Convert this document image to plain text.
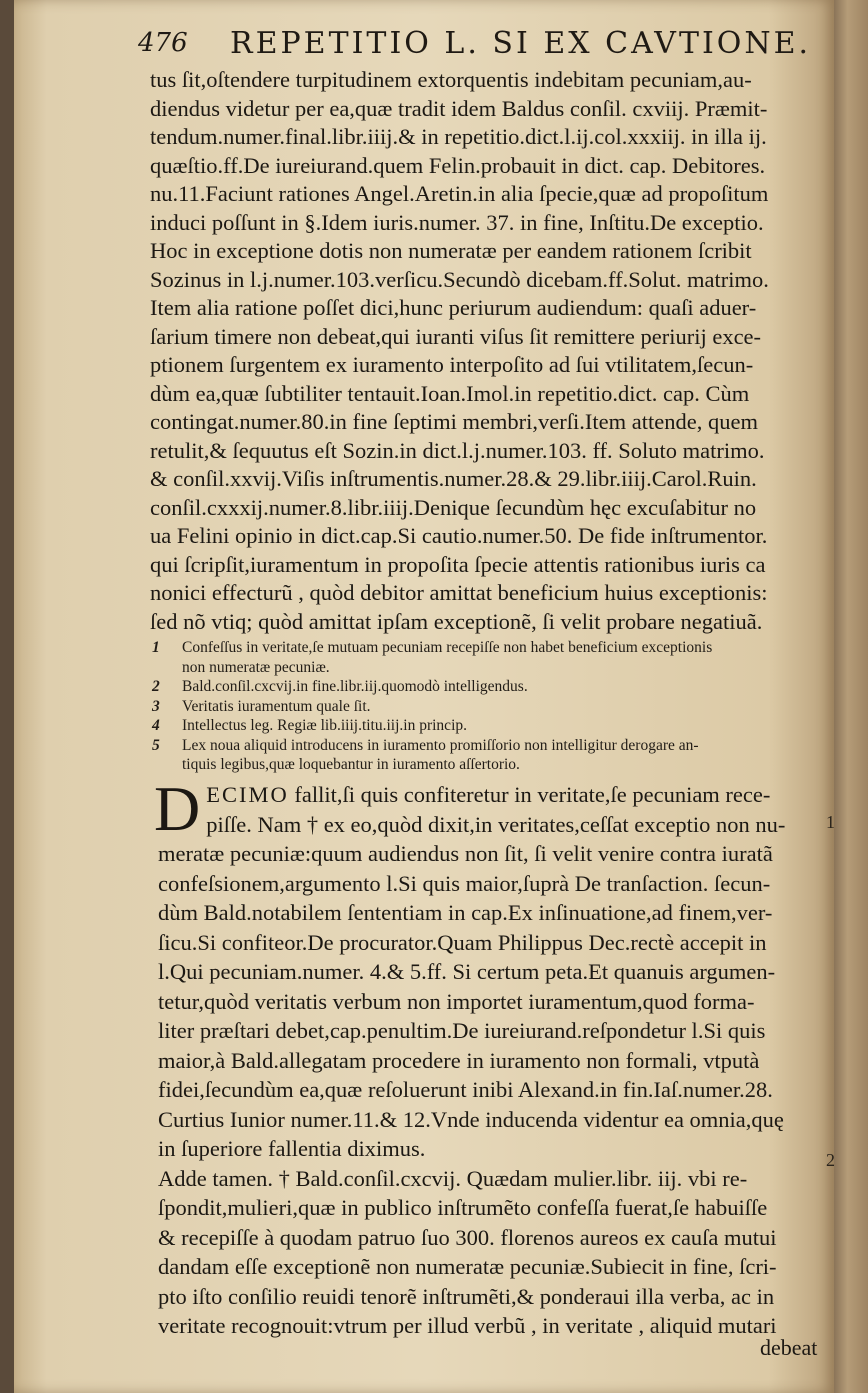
476 REPETITIO L. SI EX CAVTIONE.
tus ſit,oſtendere turpitudinem extorquentis indebitam pecuniam,au-
diendus videtur per ea,quæ tradit idem Baldus conſil. cxviij. Præmit-
tendum.numer.final.libr.iiij.& in repetitio.dict.l.ij.col.xxxiij. in illa ij.
quæſtio.ff.De iureiurand.quem Felin.probauit in dict. cap. Debitores.
nu.11.Faciunt rationes Angel.Aretin.in alia ſpecie,quæ ad propoſitum
induci poſſunt in §.Idem iuris.numer. 37. in fine, Inſtitu.De exceptio.
Hoc in exceptione dotis non numeratæ per eandem rationem ſcribit
Sozinus in l.j.numer.103.verſicu.Secundò dicebam.ff.Solut. matrimo.
Item alia ratione poſſet dici,hunc periurum audiendum: quaſi aduer-
ſarium timere non debeat,qui iuranti viſus ſit remittere periurij exce-
ptionem ſurgentem ex iuramento interpoſito ad ſui vtilitatem,ſecun-
dùm ea,quæ ſubtiliter tentauit.Ioan.Imol.in repetitio.dict. cap. Cùm
contingat.numer.80.in fine ſeptimi membri,verſi.Item attende, quem
retulit,& ſequutus eſt Sozin.in dict.l.j.numer.103. ff. Soluto matrimo.
& conſil.xxvij.Viſis inſtrumentis.numer.28.& 29.libr.iiij.Carol.Ruin.
conſil.cxxxij.numer.8.libr.iiij.Denique ſecundùm hęc excuſabitur no
ua Felini opinio in dict.cap.Si cautio.numer.50. De fide inſtrumentor.
qui ſcripſit,iuramentum in propoſita ſpecie attentis rationibus iuris ca
nonici effecturũ , quòd debitor amittat beneficium huius exceptionis:
ſed nõ vtiq; quòd amittat ipſam exceptionẽ, ſi velit probare negatiuã.
1 Confeſſus in veritate,ſe mutuam pecuniam recepiſſe non habet beneficium exceptionis
non numeratæ pecuniæ.
2 Bald.conſil.cxcvij.in fine.libr.iij.quomodò intelligendus.
3 Veritatis iuramentum quale ſit.
4 Intellectus leg. Regiæ lib.iiij.titu.iij.in princip.
5 Lex noua aliquid introducens in iuramento promiſſorio non intelligitur derogare an-
tiquis legibus,quæ loquebantur in iuramento aſſertorio.
D ECIMO fallit,ſi quis confiteretur in veritate,ſe pecuniam rece-
piſſe. Nam † ex eo,quòd dixit,in veritates,ceſſat exceptio non nu-
meratæ pecuniæ:quum audiendus non ſit, ſi velit venire contra iuratã
confeſsionem,argumento l.Si quis maior,ſuprà De tranſaction. ſecun-
dùm Bald.notabilem ſententiam in cap.Ex inſinuatione,ad finem,ver-
ſicu.Si confiteor.De procurator.Quam Philippus Dec.rectè accepit in
l.Qui pecuniam.numer. 4.& 5.ff. Si certum peta.Et quanuis argumen-
tetur,quòd veritatis verbum non importet iuramentum,quod forma-
liter præſtari debet,cap.penultim.De iureiurand.reſpondetur l.Si quis
maior,à Bald.allegatam procedere in iuramento non formali, vtputà
fidei,ſecundùm ea,quæ reſoluerunt inibi Alexand.in fin.Iaſ.numer.28.
Curtius Iunior numer.11.& 12.Vnde inducenda videntur ea omnia,quę
in ſuperiore fallentia diximus.
Adde tamen. † Bald.conſil.cxcvij. Quædam mulier.libr. iij. vbi re-
ſpondit,mulieri,quæ in publico inſtrumẽto confeſſa fuerat,ſe habuiſſe
& recepiſſe à quodam patruo ſuo 300. florenos aureos ex cauſa mutui
dandam eſſe exceptionẽ non numeratæ pecuniæ.Subiecit in fine, ſcri-
pto iſto conſilio reuidi tenorẽ inſtrumẽti,& ponderaui illa verba, ac in
veritate recognouit:vtrum per illud verbũ , in veritate , aliquid mutari
1
2
debeat
